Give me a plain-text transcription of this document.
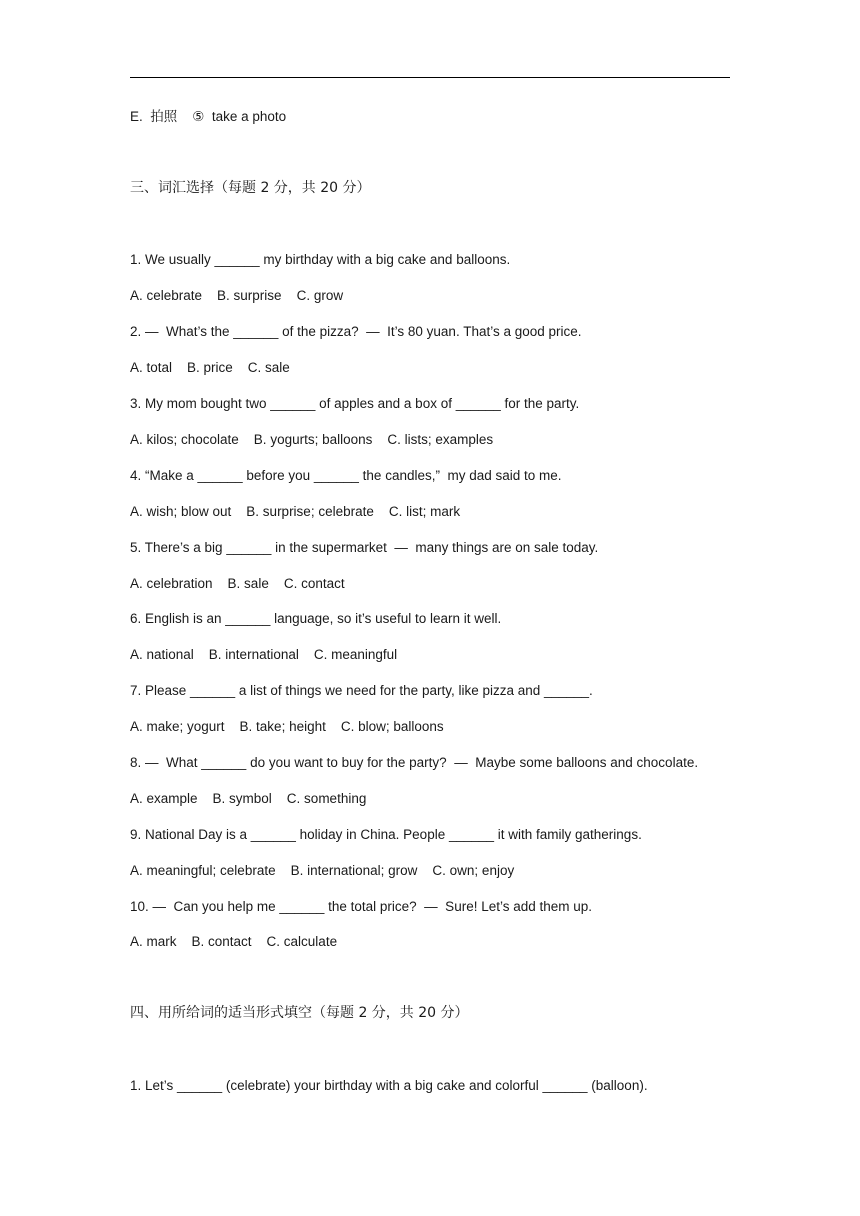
E.  拍照    ⑤  take a photo
三、词汇选择（每题 2 分，共 20 分）
1. We usually ______ my birthday with a big cake and balloons.
A. celebrate    B. surprise    C. grow
2. —  What’s the ______ of the pizza?  —  It’s 80 yuan. That’s a good price.
A. total    B. price    C. sale
3. My mom bought two ______ of apples and a box of ______ for the party.
A. kilos; chocolate    B. yogurts; balloons    C. lists; examples
4. “Make a ______ before you ______ the candles,”  my dad said to me.
A. wish; blow out    B. surprise; celebrate    C. list; mark
5. There’s a big ______ in the supermarket  —  many things are on sale today.
A. celebration    B. sale    C. contact
6. English is an ______ language, so it’s useful to learn it well.
A. national    B. international    C. meaningful
7. Please ______ a list of things we need for the party, like pizza and ______.
A. make; yogurt    B. take; height    C. blow; balloons
8. —  What ______ do you want to buy for the party?  —  Maybe some balloons and chocolate.
A. example    B. symbol    C. something
9. National Day is a ______ holiday in China. People ______ it with family gatherings.
A. meaningful; celebrate    B. international; grow    C. own; enjoy
10. —  Can you help me ______ the total price?  —  Sure! Let’s add them up.
A. mark    B. contact    C. calculate
四、用所给词的适当形式填空（每题 2 分，共 20 分）
1. Let’s ______ (celebrate) your birthday with a big cake and colorful ______ (balloon).
